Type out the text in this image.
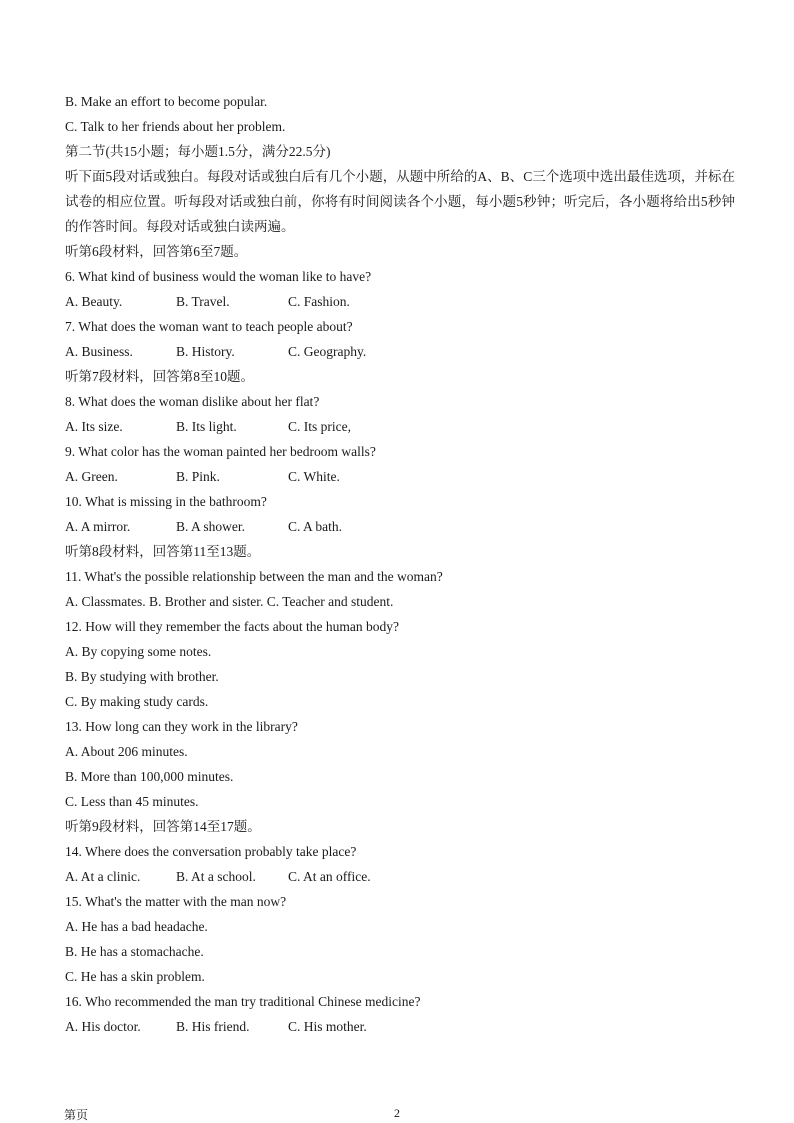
B. Make an effort to become popular.
C. Talk to her friends about her problem.
第二节(共15小题；每小题1.5分，满分22.5分)
听下面5段对话或独白。每段对话或独白后有几个小题，从题中所给的A、B、C三个选项中选出最佳选项，并标在试卷的相应位置。听每段对话或独白前，你将有时间阅读各个小题，每小题5秒钟；听完后，各小题将给出5秒钟的作答时间。每段对话或独白读两遍。
听第6段材料，回答第6至7题。
6. What kind of business would the woman like to have?
A. Beauty.	B. Travel.	C. Fashion.
7. What does the woman want to teach people about?
A. Business.	B. History.	C. Geography.
听第7段材料，回答第8至10题。
8. What does the woman dislike about her flat?
A. Its size.	B. Its light.	C. Its price,
9. What color has the woman painted her bedroom walls?
A. Green.	B. Pink.	C. White.
10. What is missing in the bathroom?
A. A mirror.	B. A shower.	C. A bath.
听第8段材料，回答第11至13题。
11. What's the possible relationship between the man and the woman?
A. Classmates. B. Brother and sister. C. Teacher and student.
12. How will they remember the facts about the human body?
A. By copying some notes.
B. By studying with brother.
C. By making study cards.
13. How long can they work in the library?
A. About 206 minutes.
B. More than 100,000 minutes.
C. Less than 45 minutes.
听第9段材料，回答第14至17题。
14. Where does the conversation probably take place?
A. At a clinic.	B. At a school.	C. At an office.
15. What's the matter with the man now?
A. He has a bad headache.
B. He has a stomachache.
C. He has a skin problem.
16. Who recommended the man try traditional Chinese medicine?
A. His doctor.	B. His friend.	C. His mother.
第页	2
